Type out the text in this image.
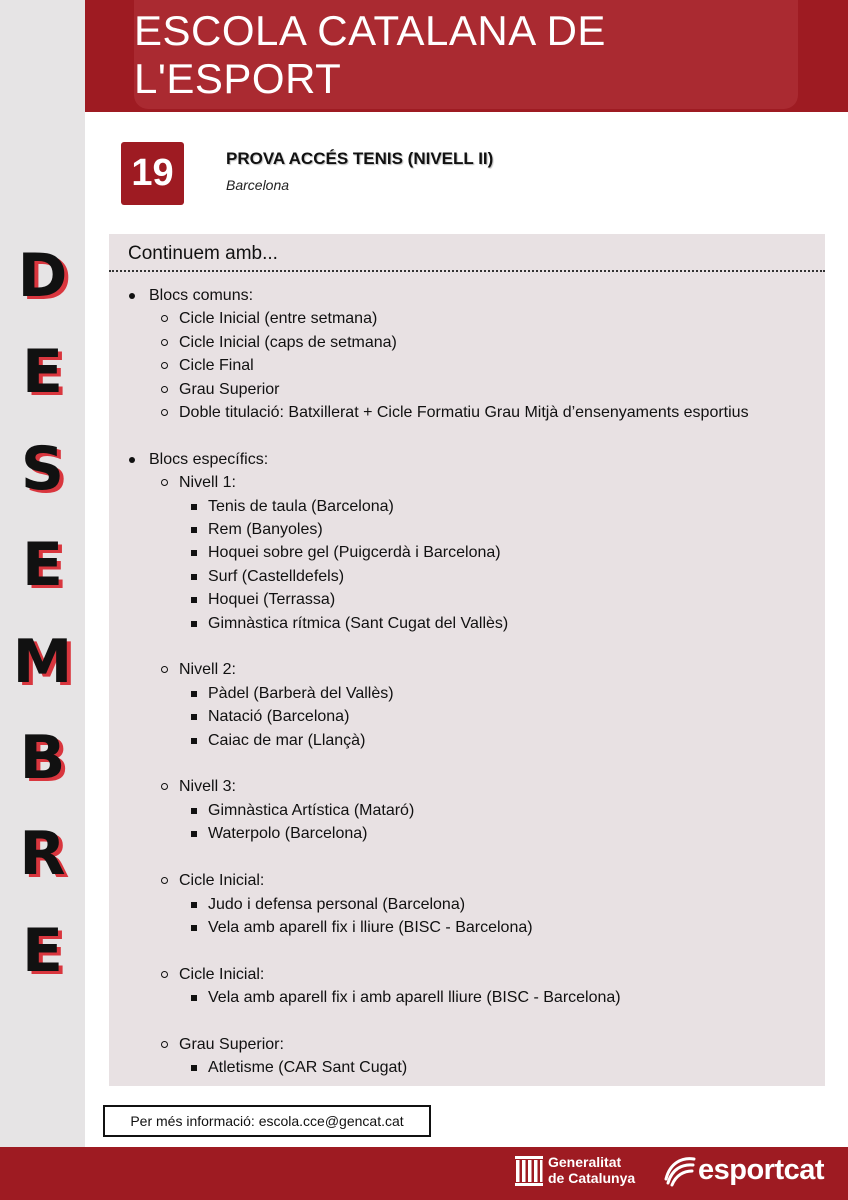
D
E
S
E
M
B
R
E
ESCOLA CATALANA DE L'ESPORT
19	PROVA ACCÉS TENIS (NIVELL II)
Barcelona
Continuem amb...
Blocs comuns:
Cicle Inicial (entre setmana)
Cicle Inicial (caps de setmana)
Cicle Final
Grau Superior
Doble titulació: Batxillerat + Cicle Formatiu Grau Mitjà d’ensenyaments esportius
Blocs específics:
Nivell 1:
Tenis de taula (Barcelona)
Rem (Banyoles)
Hoquei sobre gel (Puigcerdà i Barcelona)
Surf (Castelldefels)
Hoquei (Terrassa)
Gimnàstica rítmica (Sant Cugat del Vallès)
Nivell 2:
Pàdel (Barberà del Vallès)
Natació (Barcelona)
Caiac de mar (Llançà)
Nivell 3:
Gimnàstica Artística (Mataró)
Waterpolo (Barcelona)
Cicle Inicial:
Judo i defensa personal (Barcelona)
Vela amb aparell fix i lliure (BISC - Barcelona)
Cicle Inicial:
Vela amb aparell fix i amb aparell lliure (BISC - Barcelona)
Grau Superior:
Atletisme (CAR Sant Cugat)
Per més informació: escola.cce@gencat.cat
Generalitat
de Catalunya esportcat
